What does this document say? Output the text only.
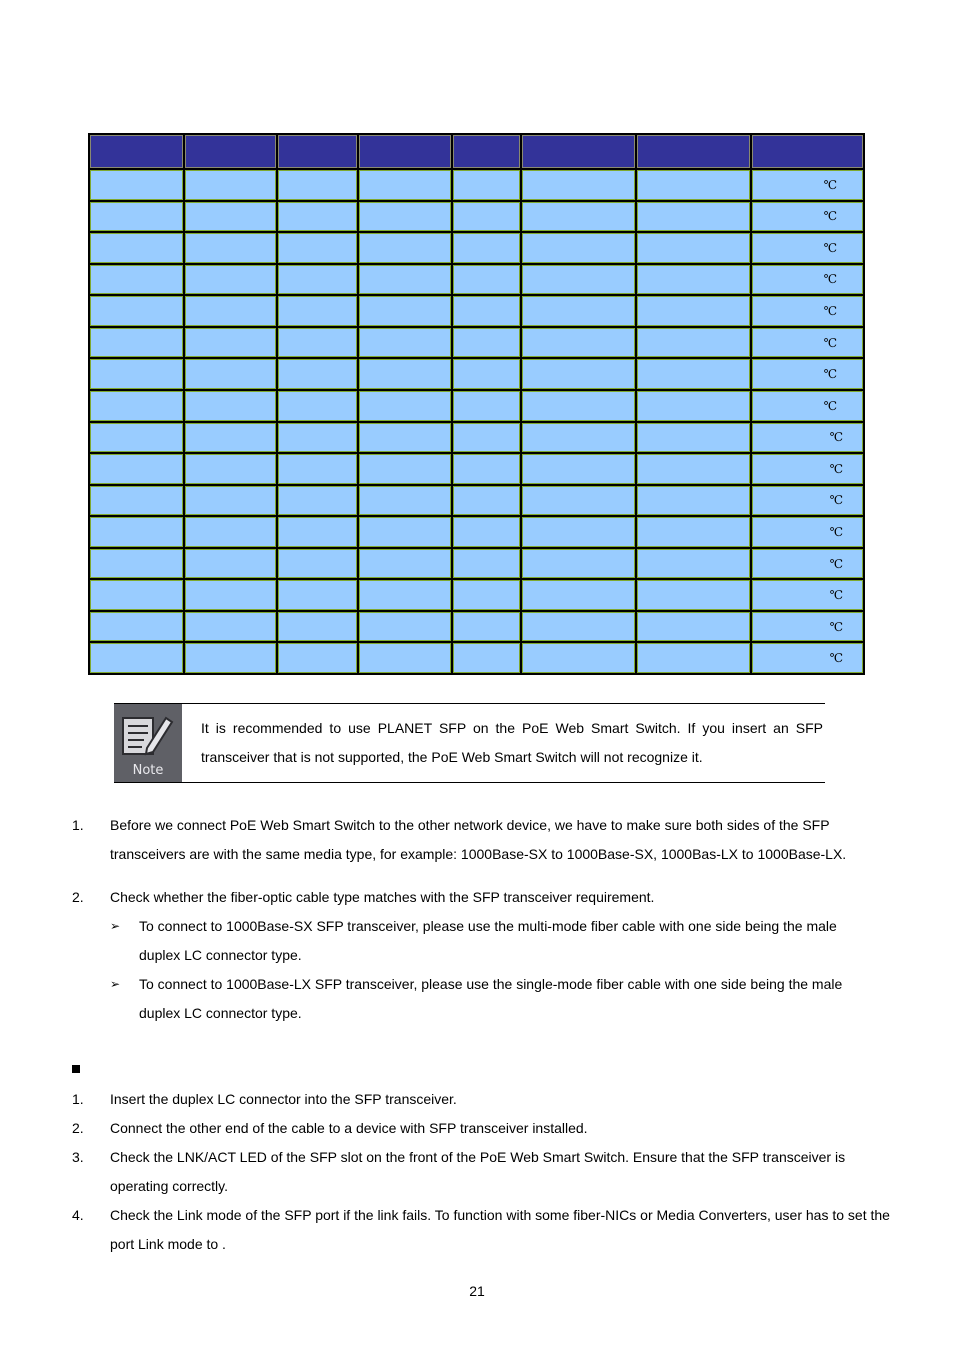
							℃
							℃
							℃
							℃
							℃
							℃
							℃
							℃
							℃
							℃
							℃
							℃
							℃
							℃
							℃
							℃
Note
It is recommended to use PLANET SFP on the PoE Web Smart Switch. If you insert an SFP transceiver that is not supported, the PoE Web Smart Switch will not recognize it.
1. Before we connect PoE Web Smart Switch to the other network device, we have to make sure both sides of the SFP transceivers are with the same media type, for example: 1000Base-SX to 1000Base-SX, 1000Bas-LX to 1000Base-LX.
2. Check whether the fiber-optic cable type matches with the SFP transceiver requirement.
➢ To connect to 1000Base-SX SFP transceiver, please use the multi-mode fiber cable with one side being the male duplex LC connector type.
➢ To connect to 1000Base-LX SFP transceiver, please use the single-mode fiber cable with one side being the male duplex LC connector type.
1. Insert the duplex LC connector into the SFP transceiver.
2. Connect the other end of the cable to a device with SFP transceiver installed.
3. Check the LNK/ACT LED of the SFP slot on the front of the PoE Web Smart Switch. Ensure that the SFP transceiver is operating correctly.
4. Check the Link mode of the SFP port if the link fails. To function with some fiber-NICs or Media Converters, user has to set the port Link mode to .
21
